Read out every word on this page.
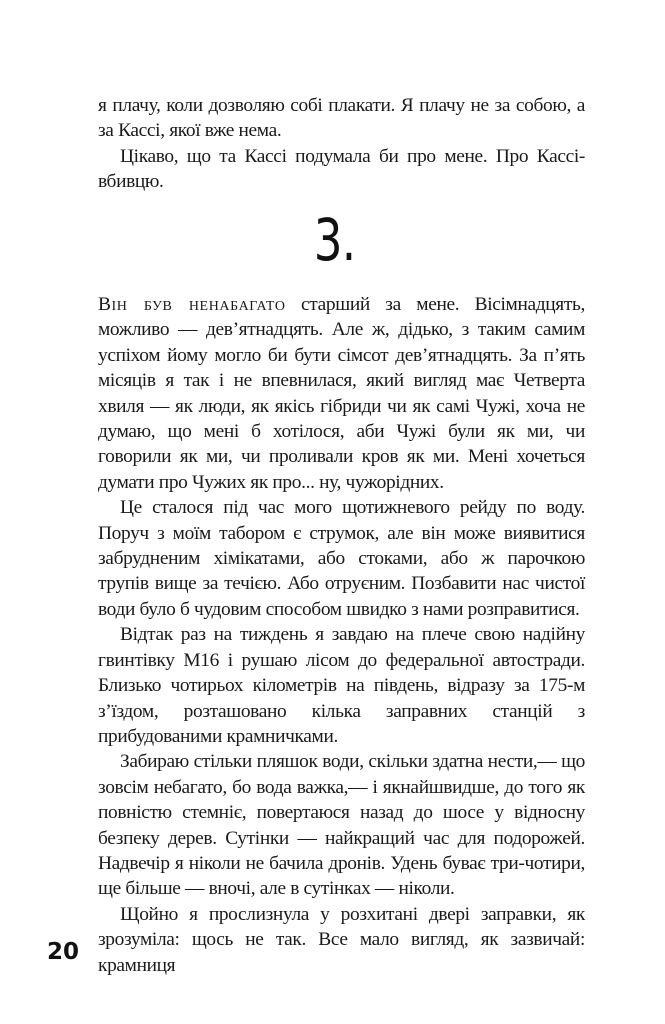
я плачу, коли дозволяю собі плакати. Я плачу не за собою, а за Кассі, якої вже нема.

Цікаво, що та Кассі подумала би про мене. Про Кассі-вбивцю.

3.

Він був ненабагато старший за мене. Вісімнадцять, можливо — дев’ятнадцять. Але ж, дідько, з таким самим успіхом йому могло би бути сімсот дев’ятнадцять. За п’ять місяців я так і не впевнилася, який вигляд має Четверта хвиля — як люди, як якісь гібриди чи як самі Чужі, хоча не думаю, що мені б хотілося, аби Чужі були як ми, чи говорили як ми, чи проливали кров як ми. Мені хочеться думати про Чужих як про... ну, чужорідних.

Це сталося під час мого щотижневого рейду по воду. Поруч з моїм табором є струмок, але він може виявитися забрудненим хімікатами, або стоками, або ж парочкою трупів вище за течією. Або отруєним. Позбавити нас чистої води було б чудовим способом швидко з нами розправитися.

Відтак раз на тиждень я завдаю на плече свою надійну гвинтівку М16 і рушаю лісом до федеральної автостради. Близько чотирьох кілометрів на південь, відразу за 175-м з’їздом, розташовано кілька заправних станцій з прибудованими крамничками.

Забираю стільки пляшок води, скільки здатна нести,— що зовсім небагато, бо вода важка,— і якнайшвидше, до того як повністю стемніє, повертаюся назад до шосе у відносну безпеку дерев. Сутінки — найкращий час для подорожей. Надвечір я ніколи не бачила дронів. Удень буває три-чотири, ще більше — вночі, але в сутінках — ніколи.

Щойно я прослизнула у розхитані двері заправки, як зрозуміла: щось не так. Все мало вигляд, як зазвичай: крамниця

20
